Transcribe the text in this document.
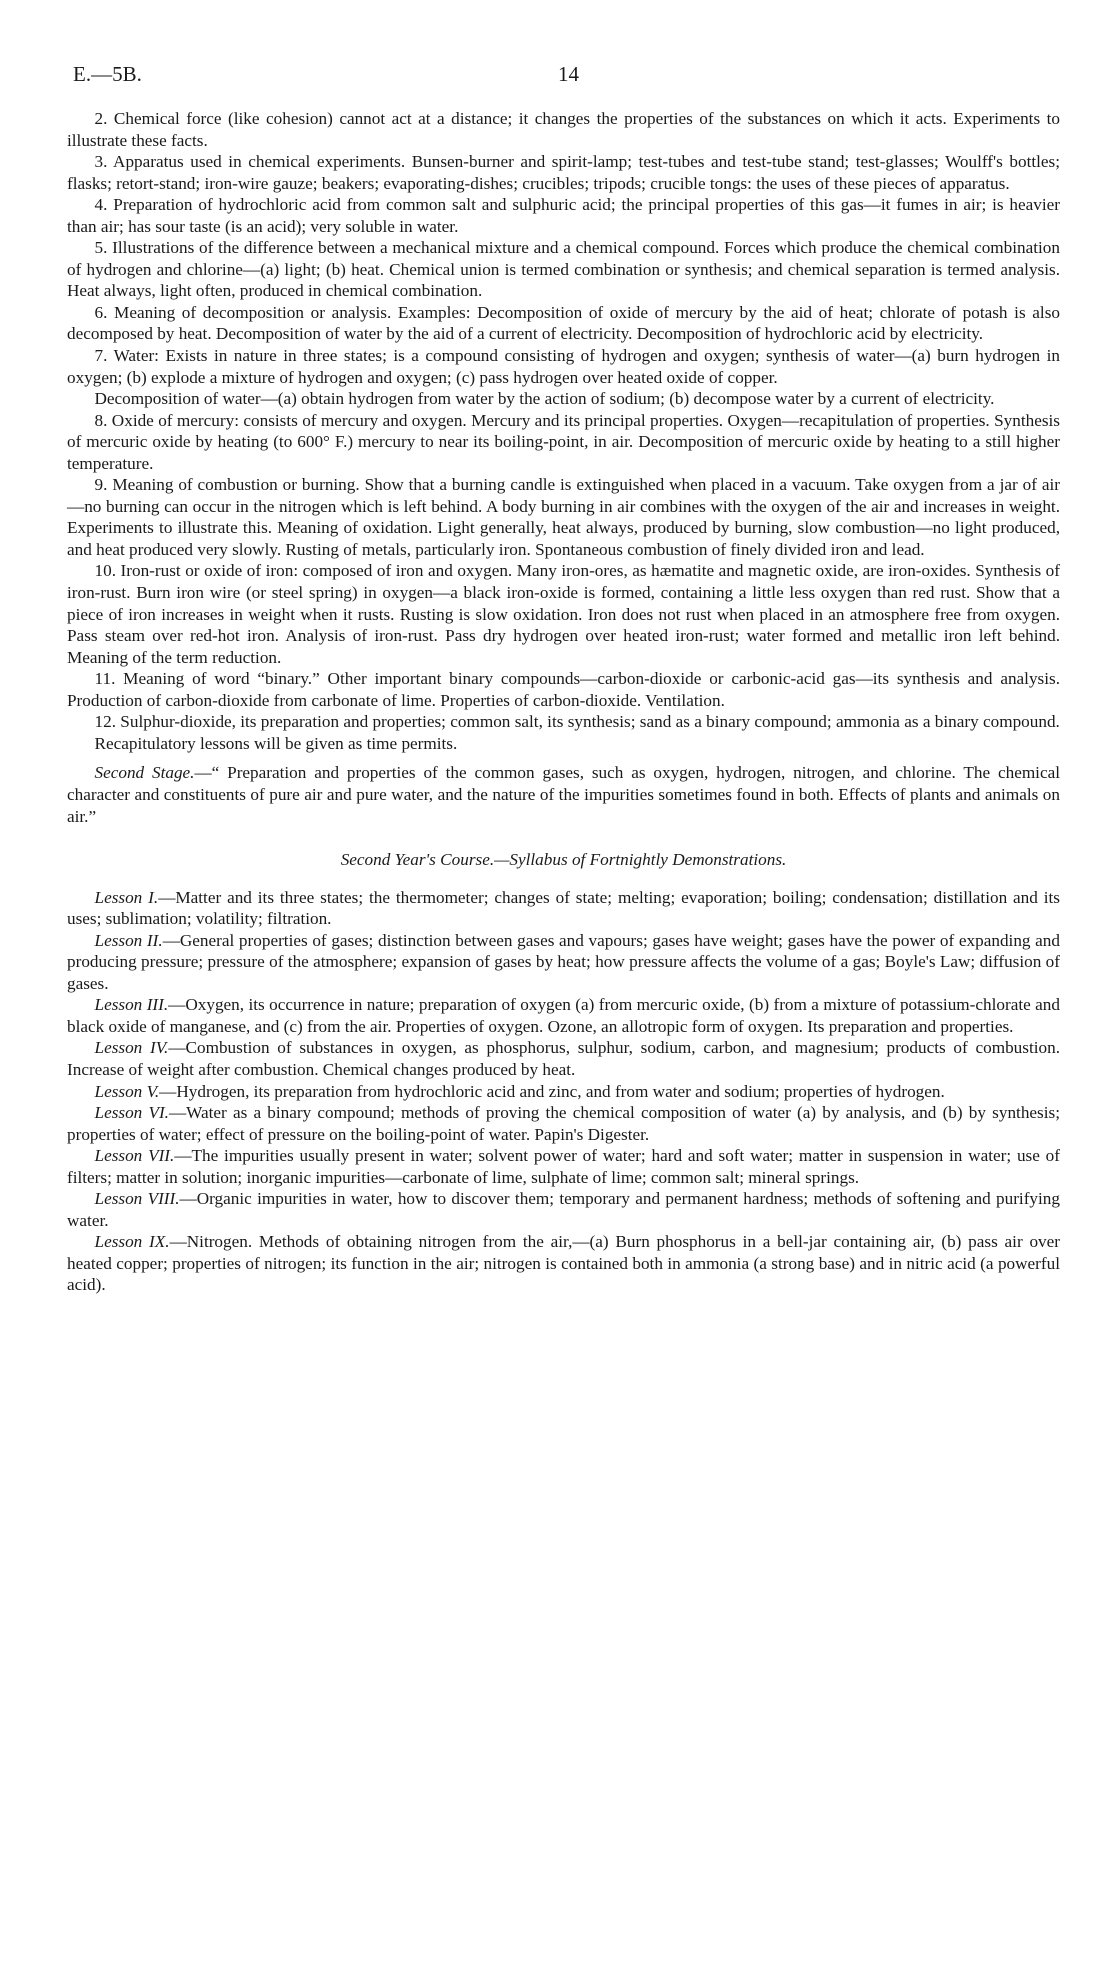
E.—5B.	14

2. Chemical force (like cohesion) cannot act at a distance; it changes the properties of the substances on which it acts. Experiments to illustrate these facts.

3. Apparatus used in chemical experiments. Bunsen-burner and spirit-lamp; test-tubes and test-tube stand; test-glasses; Woulff's bottles; flasks; retort-stand; iron-wire gauze; beakers; evaporating-dishes; crucibles; tripods; crucible tongs: the uses of these pieces of apparatus.

4. Preparation of hydrochloric acid from common salt and sulphuric acid; the principal properties of this gas—it fumes in air; is heavier than air; has sour taste (is an acid); very soluble in water.

5. Illustrations of the difference between a mechanical mixture and a chemical compound. Forces which produce the chemical combination of hydrogen and chlorine—(a) light; (b) heat. Chemical union is termed combination or synthesis; and chemical separation is termed analysis. Heat always, light often, produced in chemical combination.

6. Meaning of decomposition or analysis. Examples: Decomposition of oxide of mercury by the aid of heat; chlorate of potash is also decomposed by heat. Decomposition of water by the aid of a current of electricity. Decomposition of hydrochloric acid by electricity.

7. Water: Exists in nature in three states; is a compound consisting of hydrogen and oxygen; synthesis of water—(a) burn hydrogen in oxygen; (b) explode a mixture of hydrogen and oxygen; (c) pass hydrogen over heated oxide of copper.

Decomposition of water—(a) obtain hydrogen from water by the action of sodium; (b) decompose water by a current of electricity.

8. Oxide of mercury: consists of mercury and oxygen. Mercury and its principal properties. Oxygen—recapitulation of properties. Synthesis of mercuric oxide by heating (to 600° F.) mercury to near its boiling-point, in air. Decomposition of mercuric oxide by heating to a still higher temperature.

9. Meaning of combustion or burning. Show that a burning candle is extinguished when placed in a vacuum. Take oxygen from a jar of air—no burning can occur in the nitrogen which is left behind. A body burning in air combines with the oxygen of the air and increases in weight. Experiments to illustrate this. Meaning of oxidation. Light generally, heat always, produced by burning, slow combustion—no light produced, and heat produced very slowly. Rusting of metals, particularly iron. Spontaneous combustion of finely divided iron and lead.

10. Iron-rust or oxide of iron: composed of iron and oxygen. Many iron-ores, as hæmatite and magnetic oxide, are iron-oxides. Synthesis of iron-rust. Burn iron wire (or steel spring) in oxygen—a black iron-oxide is formed, containing a little less oxygen than red rust. Show that a piece of iron increases in weight when it rusts. Rusting is slow oxidation. Iron does not rust when placed in an atmosphere free from oxygen. Pass steam over red-hot iron. Analysis of iron-rust. Pass dry hydrogen over heated iron-rust; water formed and metallic iron left behind. Meaning of the term reduction.

11. Meaning of word “binary.” Other important binary compounds—carbon-dioxide or carbonic-acid gas—its synthesis and analysis. Production of carbon-dioxide from carbonate of lime. Properties of carbon-dioxide. Ventilation.

12. Sulphur-dioxide, its preparation and properties; common salt, its synthesis; sand as a binary compound; ammonia as a binary compound.

Recapitulatory lessons will be given as time permits.

Second Stage.—“ Preparation and properties of the common gases, such as oxygen, hydrogen, nitrogen, and chlorine. The chemical character and constituents of pure air and pure water, and the nature of the impurities sometimes found in both. Effects of plants and animals on air.”

Second Year's Course.—Syllabus of Fortnightly Demonstrations.

Lesson I.—Matter and its three states; the thermometer; changes of state; melting; evaporation; boiling; condensation; distillation and its uses; sublimation; volatility; filtration.

Lesson II.—General properties of gases; distinction between gases and vapours; gases have weight; gases have the power of expanding and producing pressure; pressure of the atmosphere; expansion of gases by heat; how pressure affects the volume of a gas; Boyle's Law; diffusion of gases.

Lesson III.—Oxygen, its occurrence in nature; preparation of oxygen (a) from mercuric oxide, (b) from a mixture of potassium-chlorate and black oxide of manganese, and (c) from the air. Properties of oxygen. Ozone, an allotropic form of oxygen. Its preparation and properties.

Lesson IV.—Combustion of substances in oxygen, as phosphorus, sulphur, sodium, carbon, and magnesium; products of combustion. Increase of weight after combustion. Chemical changes produced by heat.

Lesson V.—Hydrogen, its preparation from hydrochloric acid and zinc, and from water and sodium; properties of hydrogen.

Lesson VI.—Water as a binary compound; methods of proving the chemical composition of water (a) by analysis, and (b) by synthesis; properties of water; effect of pressure on the boiling-point of water. Papin's Digester.

Lesson VII.—The impurities usually present in water; solvent power of water; hard and soft water; matter in suspension in water; use of filters; matter in solution; inorganic impurities—carbonate of lime, sulphate of lime; common salt; mineral springs.

Lesson VIII.—Organic impurities in water, how to discover them; temporary and permanent hardness; methods of softening and purifying water.

Lesson IX.—Nitrogen. Methods of obtaining nitrogen from the air,—(a) Burn phosphorus in a bell-jar containing air, (b) pass air over heated copper; properties of nitrogen; its function in the air; nitrogen is contained both in ammonia (a strong base) and in nitric acid (a powerful acid).
